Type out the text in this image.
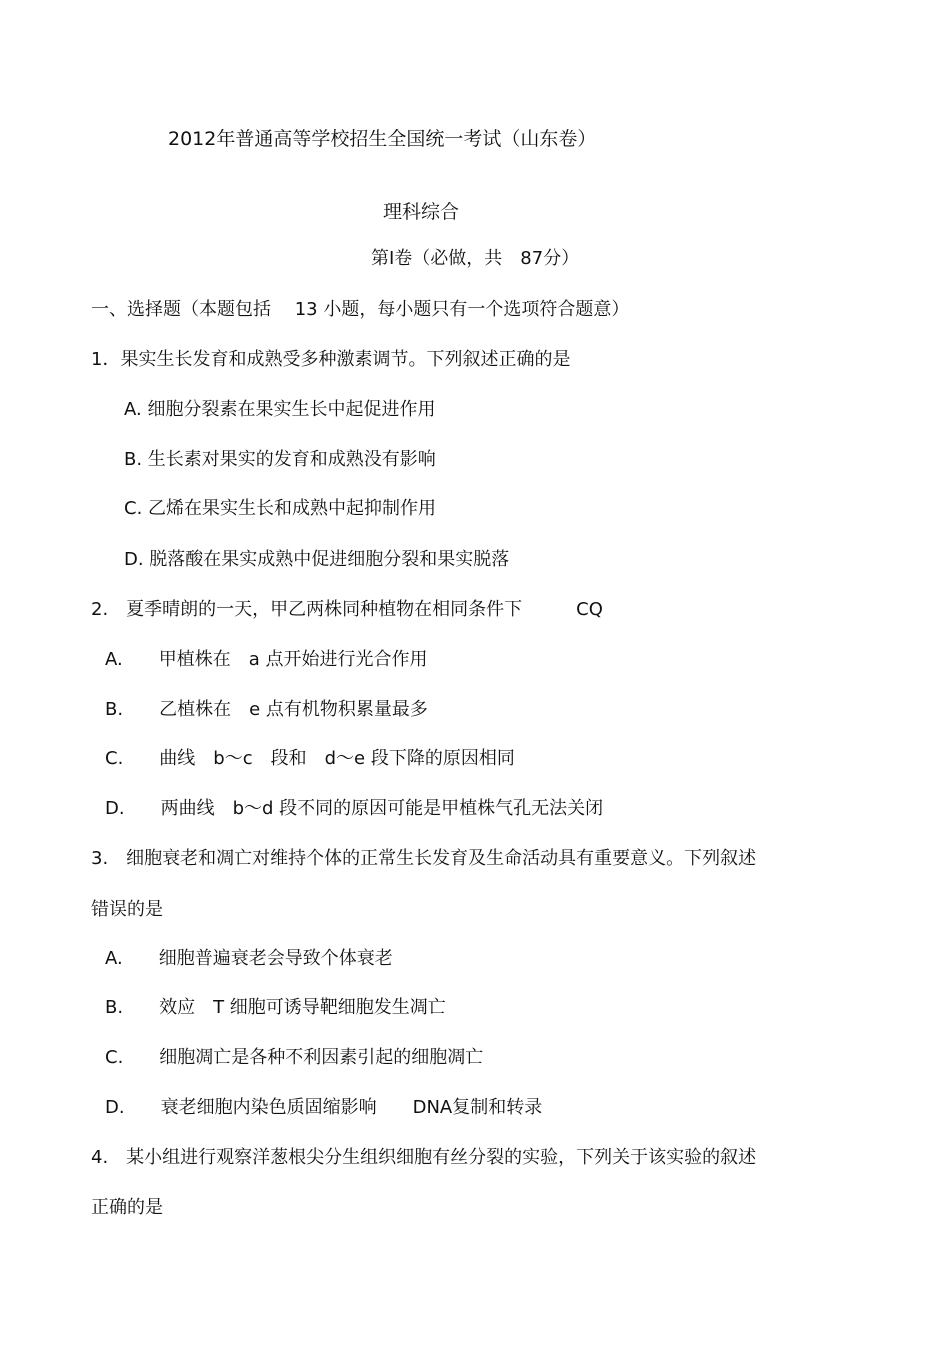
2012年普通高等学校招生全国统一考试（山东卷）
理科综合
第Ⅰ卷（必做，共　87分）
一、选择题（本题包括　 13 小题，每小题只有一个选项符合题意）
1．果实生长发育和成熟受多种激素调节。下列叙述正确的是
A. 细胞分裂素在果实生长中起促进作用
B. 生长素对果实的发育和成熟没有影响
C. 乙烯在果实生长和成熟中起抑制作用
D. 脱落酸在果实成熟中促进细胞分裂和果实脱落
2.　夏季晴朗的一天，甲乙两株同种植物在相同条件下　　　CQ
A.　　甲植株在　a 点开始进行光合作用
B.　　乙植株在　e 点有机物积累量最多
C.　　曲线　b～c　段和　d～e 段下降的原因相同
D.　　两曲线　b～d 段不同的原因可能是甲植株气孔无法关闭
3.　细胞衰老和凋亡对维持个体的正常生长发育及生命活动具有重要意义。下列叙述
错误的是
A.　　细胞普遍衰老会导致个体衰老
B.　　效应　T 细胞可诱导靶细胞发生凋亡
C.　　细胞凋亡是各种不利因素引起的细胞凋亡
D.　　衰老细胞内染色质固缩影响　　DNA复制和转录
4.　某小组进行观察洋葱根尖分生组织细胞有丝分裂的实验，下列关于该实验的叙述
正确的是
